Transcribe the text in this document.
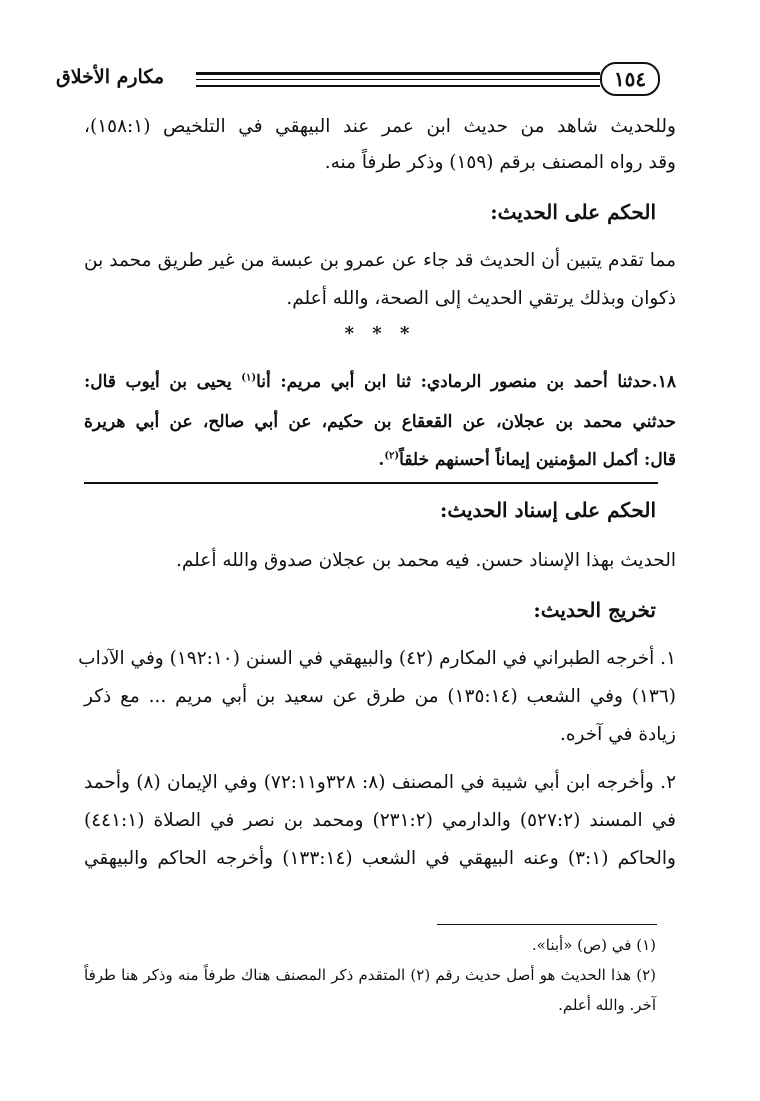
مكارم الأخلاق	١٥٤
وللحديث شاهد من حديث ابن عمر عند البيهقي في التلخيص (١٥٨:١)،
وقد رواه المصنف برقم (١٥٩) وذكر طرفاً منه.
الحكم على الحديث:
مما تقدم يتبين أن الحديث قد جاء عن عمرو بن عبسة من غير طريق محمد بن
ذكوان وبذلك يرتقي الحديث إلى الصحة، والله أعلم.
* * *
١٨.حدثنا أحمد بن منصور الرمادي: ثنا ابن أبي مريم: أنا$^{(١)}$ يحيى بن أيوب قال:
حدثني محمد بن عجلان، عن القعقاع بن حكيم، عن أبي صالح، عن أبي هريرة
قال: أكمل المؤمنين إيماناً أحسنهم خلقاً$^{(٢)}$.
الحكم على إسناد الحديث:
الحديث بهذا الإسناد حسن. فيه محمد بن عجلان صدوق والله أعلم.
تخريج الحديث:
١. أخرجه الطبراني في المكارم (٤٢) والبيهقي في السنن (١٩٢:١٠) وفي الآداب
(١٣٦) وفي الشعب (١٣٥:١٤) من طرق عن سعيد بن أبي مريم ... مع ذكر
زيادة في آخره.
٢. وأخرجه ابن أبي شيبة في المصنف (٨: ٣٢٨و٧٢:١١) وفي الإيمان (٨) وأحمد
في المسند (٥٢٧:٢) والدارمي (٢٣١:٢) ومحمد بن نصر في الصلاة (٤٤١:١)
والحاكم (٣:١) وعنه البيهقي في الشعب (١٣٣:١٤) وأخرجه الحاكم والبيهقي
(١) في (ص) «أبنا».
(٢) هذا الحديث هو أصل حديث رقم (٢) المتقدم ذكر المصنف هناك طرفاً منه وذكر هنا طرفاً
آخر. والله أعلم.
